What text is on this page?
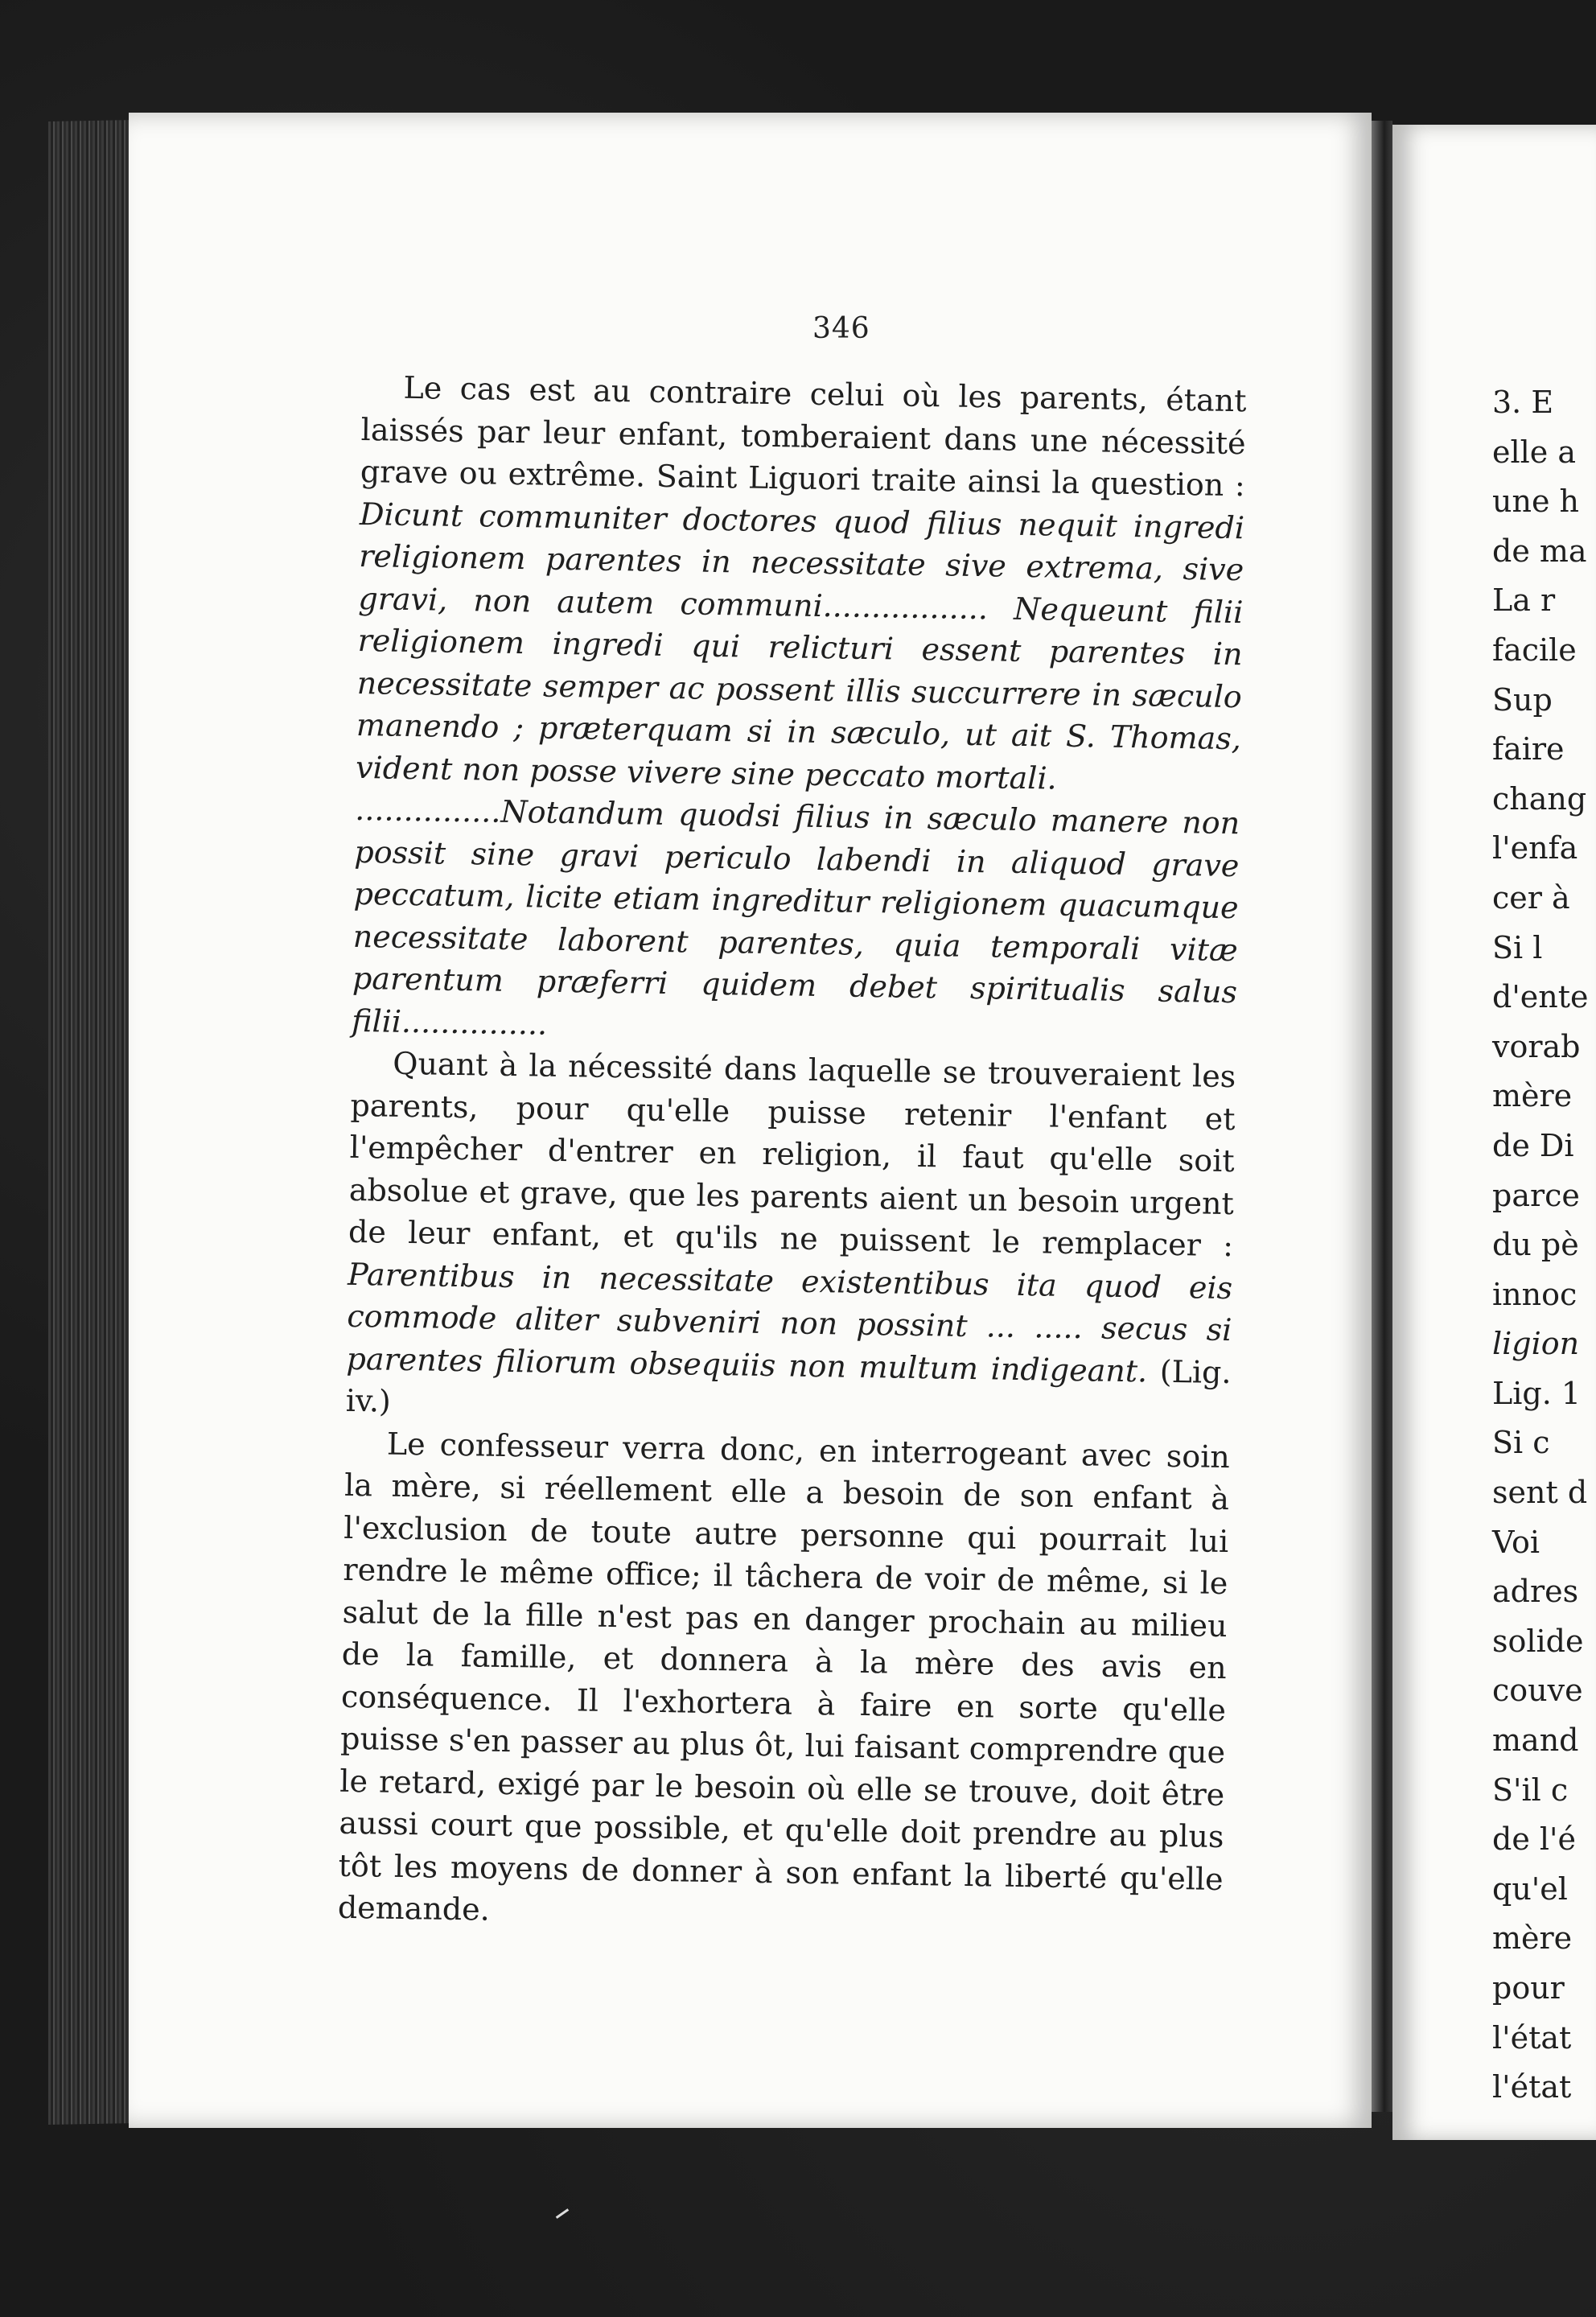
346

Le cas est au contraire celui où les parents, étant laissés par leur enfant, tomberaient dans une nécessité grave ou extrême. Saint Liguori traite ainsi la question : Dicunt communiter doctores quod filius nequit ingredi religionem parentes in necessitate sive extrema, sive gravi, non autem communi................. Nequeunt filii religionem ingredi qui relicturi essent parentes in necessitate semper ac possent illis succurrere in sæculo manendo ; præterquam si in sæculo, ut ait S. Thomas, vident non posse vivere sine peccato mortali.

...............Notandum quodsi filius in sæculo manere non possit sine gravi periculo labendi in aliquod grave peccatum, licite etiam ingreditur religionem quacumque necessitate laborent parentes, quia temporali vitæ parentum præferri quidem debet spiritualis salus filii...............

Quant à la nécessité dans laquelle se trouveraient les parents, pour qu'elle puisse retenir l'enfant et l'empêcher d'entrer en religion, il faut qu'elle soit absolue et grave, que les parents aient un besoin urgent de leur enfant, et qu'ils ne puissent le remplacer : Parentibus in necessitate existentibus ita quod eis commode aliter subveniri non possint ... ..... secus si parentes filiorum obsequiis non multum indigeant. (Lig. iv.)

Le confesseur verra donc, en interrogeant avec soin la mère, si réellement elle a besoin de son enfant à l'exclusion de toute autre personne qui pourrait lui rendre le même office; il tâchera de voir de même, si le salut de la fille n'est pas en danger prochain au milieu de la famille, et donnera à la mère des avis en conséquence. Il l'exhortera à faire en sorte qu'elle puisse s'en passer au plus ôt, lui faisant comprendre que le retard, exigé par le besoin où elle se trouve, doit être aussi court que possible, et qu'elle doit prendre au plus tôt les moyens de donner à son enfant la liberté qu'elle demande.

3. E
elle a
une h
de ma
La r
facile
Sup
faire
chang
l'enfa
cer à
Si l
d'ente
vorab
mère
de Di
parce
du pè
innoc
ligion
Lig. 1
Si c
sent d
Voi
adres
solide
couve
mand
S'il c
de l'é
qu'el
mère
pour
l'état
l'état
